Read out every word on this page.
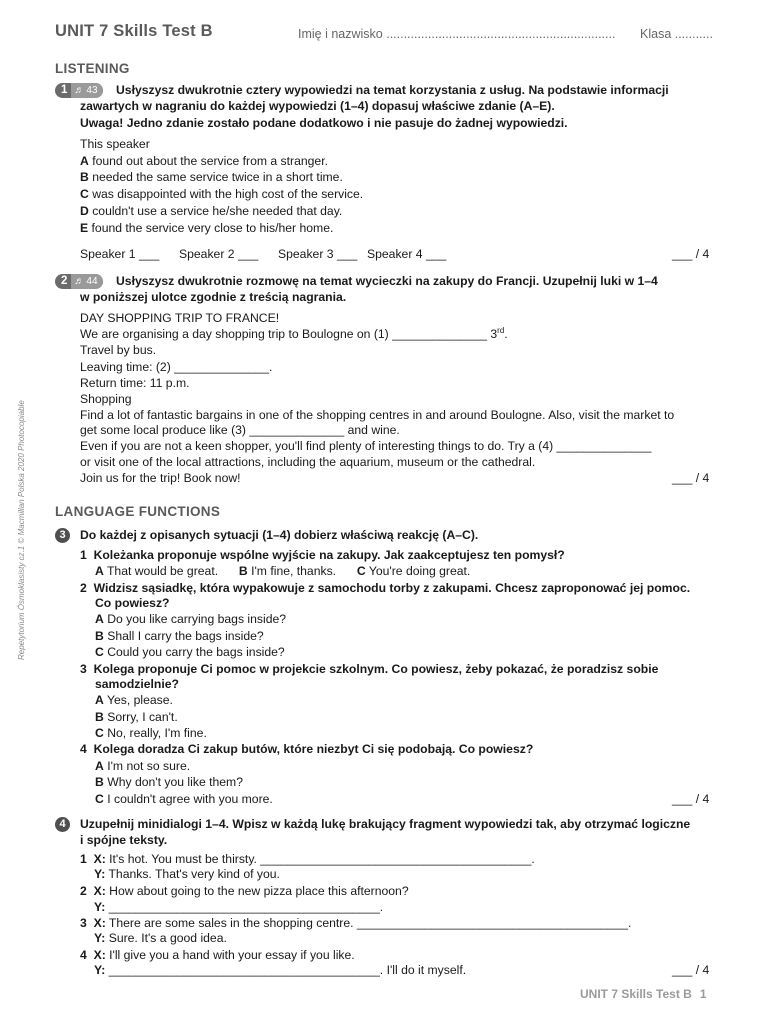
UNIT 7 Skills Test B	Imię i nazwisko .................................................................. Klasa ...........
Repetytorium Ósmoklasisty cz.1 © Macmillan Polska 2020 Photocopiable
LISTENING
1 ♬ 43 Usłyszysz dwukrotnie cztery wypowiedzi na temat korzystania z usług. Na podstawie informacji
zawartych w nagraniu do każdej wypowiedzi (1–4) dopasuj właściwe zdanie (A–E).
Uwaga! Jedno zdanie zostało podane dodatkowo i nie pasuje do żadnej wypowiedzi.
This speaker
A found out about the service from a stranger.
B needed the same service twice in a short time.
C was disappointed with the high cost of the service.
D couldn't use a service he/she needed that day.
E found the service very close to his/her home.
Speaker 1 ___ Speaker 2 ___ Speaker 3 ___ Speaker 4 ___	___ / 4
2 ♬ 44 Usłyszysz dwukrotnie rozmowę na temat wycieczki na zakupy do Francji. Uzupełnij luki w 1–4
w poniższej ulotce zgodnie z treścią nagrania.
DAY SHOPPING TRIP TO FRANCE!
We are organising a day shopping trip to Boulogne on (1) ______________ 3rd.
Travel by bus.
Leaving time: (2) ______________.
Return time: 11 p.m.
Shopping
Find a lot of fantastic bargains in one of the shopping centres in and around Boulogne. Also, visit the market to
get some local produce like (3) ______________ and wine.
Even if you are not a keen shopper, you'll find plenty of interesting things to do. Try a (4) ______________
or visit one of the local attractions, including the aquarium, museum or the cathedral.
Join us for the trip! Book now!	___ / 4
LANGUAGE FUNCTIONS
3	Do każdej z opisanych sytuacji (1–4) dobierz właściwą reakcję (A–C).
1 Koleżanka proponuje wspólne wyjście na zakupy. Jak zaakceptujesz ten pomysł?
A That would be great. B I'm fine, thanks. C You're doing great.
2 Widzisz sąsiadkę, która wypakowuje z samochodu torby z zakupami. Chcesz zaproponować jej pomoc.
Co powiesz?
A Do you like carrying bags inside?
B Shall I carry the bags inside?
C Could you carry the bags inside?
3 Kolega proponuje Ci pomoc w projekcie szkolnym. Co powiesz, żeby pokazać, że poradzisz sobie
samodzielnie?
A Yes, please.
B Sorry, I can't.
C No, really, I'm fine.
4 Kolega doradza Ci zakup butów, które niezbyt Ci się podobają. Co powiesz?
A I'm not so sure.
B Why don't you like them?
C I couldn't agree with you more.	___ / 4
4	Uzupełnij minidialogi 1–4. Wpisz w każdą lukę brakujący fragment wypowiedzi tak, aby otrzymać logiczne
i spójne teksty.
1 X: It's hot. You must be thirsty. ________________________________________.
Y: Thanks. That's very kind of you.
2 X: How about going to the new pizza place this afternoon?
Y: ________________________________________.
3 X: There are some sales in the shopping centre. ________________________________________.
Y: Sure. It's a good idea.
4 X: I'll give you a hand with your essay if you like.
Y: ________________________________________. I'll do it myself.	___ / 4
UNIT 7 Skills Test B 1
